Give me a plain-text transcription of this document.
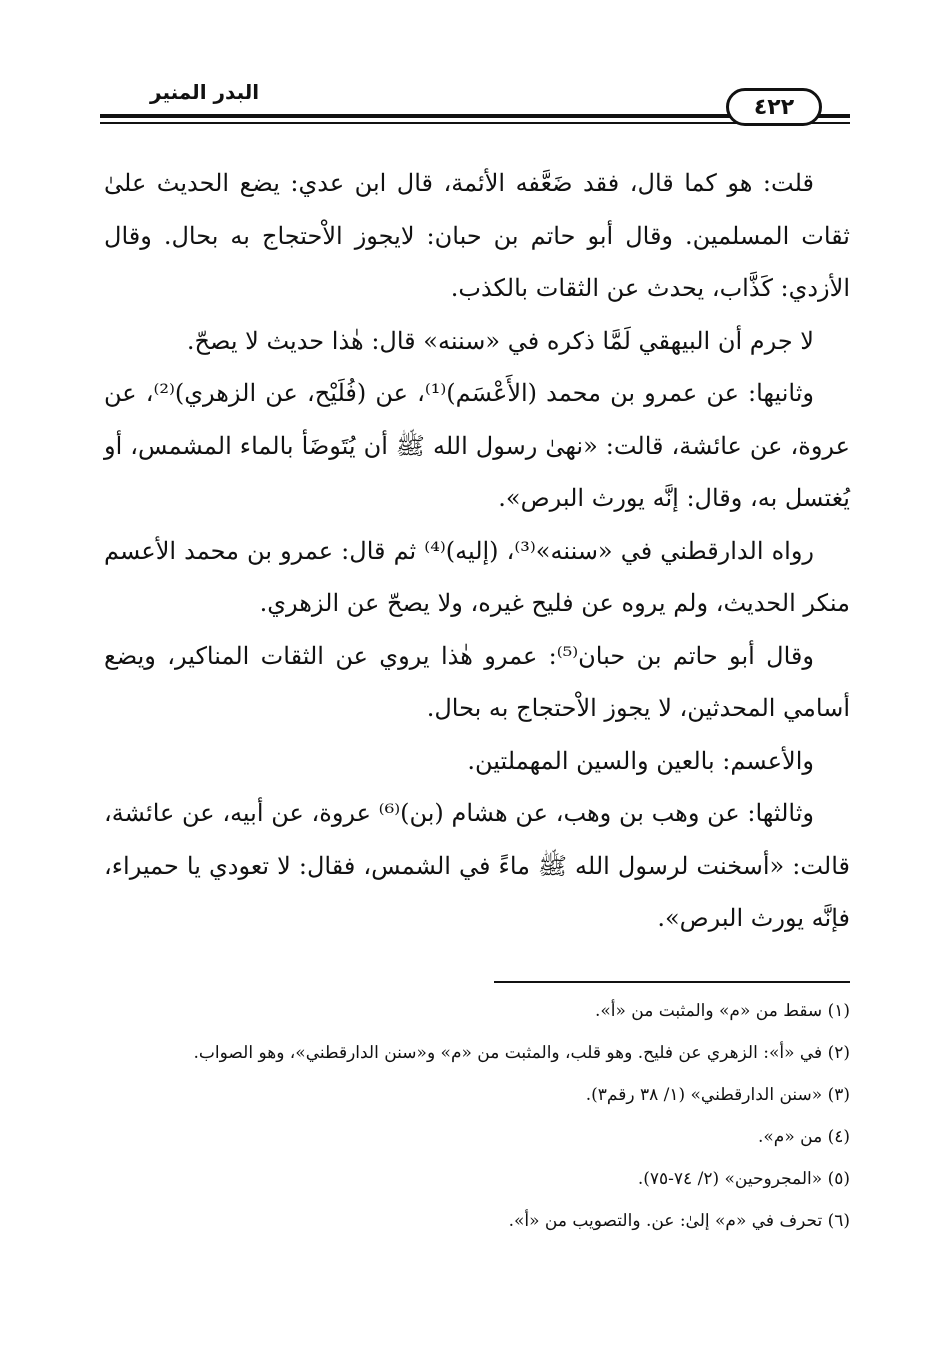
البدر المنير
٤٢٢

قلت: هو كما قال، فقد ضَعَّفه الأئمة، قال ابن عدي: يضع الحديث علىٰ ثقات المسلمين. وقال أبو حاتم بن حبان: لايجوز الاْحتجاج به بحال. وقال الأزدي: كَذَّاب، يحدث عن الثقات بالكذب.

لا جرم أن البيهقي لَمَّا ذكره في «سننه» قال: هٰذا حديث لا يصحّ.

وثانيها: عن عمرو بن محمد (الأَعْسَم)⁽¹⁾، عن (فُلَيْح، عن الزهري)⁽²⁾، عن عروة، عن عائشة، قالت: «نهىٰ رسول الله ﷺ أن يُتَوضَأ بالماء المشمس، أو يُغتسل به، وقال: إنَّه يورث البرص».

رواه الدارقطني في «سننه»⁽³⁾، (إليه)⁽⁴⁾ ثم قال: عمرو بن محمد الأعسم منكر الحديث، ولم يروه عن فليح غيره، ولا يصحّ عن الزهري.

وقال أبو حاتم بن حبان⁽⁵⁾: عمرو هٰذا يروي عن الثقات المناكير، ويضع أسامي المحدثين، لا يجوز الاْحتجاج به بحال.

والأعسم: بالعين والسين المهملتين.

وثالثها: عن وهب بن وهب، عن هشام (بن)⁽⁶⁾ عروة، عن أبيه، عن عائشة، قالت: «أسخنت لرسول الله ﷺ ماءً في الشمس، فقال: لا تعودي يا حميراء، فإنَّه يورث البرص».

(١) سقط من «م» والمثبت من «أ».

(٢) في «أ»: الزهري عن فليح. وهو قلب، والمثبت من «م» و«سنن الدارقطني»، وهو الصواب.

(٣) «سنن الدارقطني» (١/ ٣٨ رقم٣).

(٤) من «م».

(٥) «المجروحين» (٢/ ٧٤-٧٥).

(٦) تحرف في «م» إلىٰ: عن. والتصويب من «أ».
